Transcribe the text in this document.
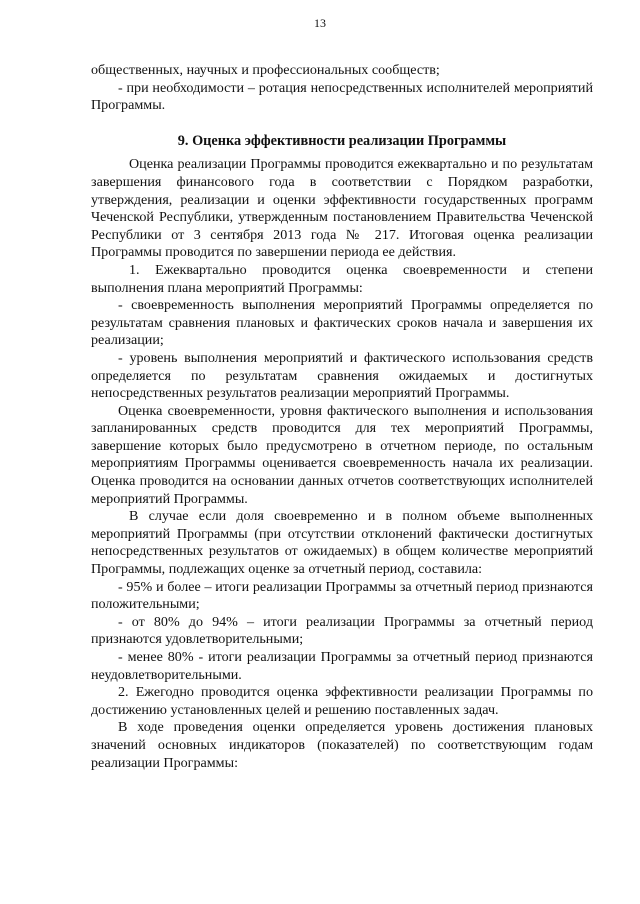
13

общественных, научных и профессиональных сообществ;

- при необходимости – ротация непосредственных исполнителей мероприятий Программы.

9. Оценка эффективности реализации Программы

Оценка реализации Программы проводится ежеквартально и по результатам завершения финансового года в соответствии с Порядком разработки, утверждения, реализации и оценки эффективности государственных программ Чеченской Республики, утвержденным постановлением Правительства Чеченской Республики от 3 сентября 2013 года № 217. Итоговая оценка реализации Программы проводится по завершении периода ее действия.

1. Ежеквартально проводится оценка своевременности и степени выполнения плана мероприятий Программы:

- своевременность выполнения мероприятий Программы определяется по результатам сравнения плановых и фактических сроков начала и завершения их реализации;

- уровень выполнения мероприятий и фактического использования средств определяется по результатам сравнения ожидаемых и достигнутых непосредственных результатов реализации мероприятий Программы.

Оценка своевременности, уровня фактического выполнения и использования запланированных средств проводится для тех мероприятий Программы, завершение которых было предусмотрено в отчетном периоде, по остальным мероприятиям Программы оценивается своевременность начала их реализации. Оценка проводится на основании данных отчетов соответствующих исполнителей мероприятий Программы.

В случае если доля своевременно и в полном объеме выполненных мероприятий Программы (при отсутствии отклонений фактически достигнутых непосредственных результатов от ожидаемых) в общем количестве мероприятий Программы, подлежащих оценке за отчетный период, составила:

- 95% и более – итоги реализации Программы за отчетный период признаются положительными;

- от 80% до 94% – итоги реализации Программы за отчетный период признаются удовлетворительными;

- менее 80% - итоги реализации Программы за отчетный период признаются неудовлетворительными.

2. Ежегодно проводится оценка эффективности реализации Программы по достижению установленных целей и решению поставленных задач.

В ходе проведения оценки определяется уровень достижения плановых значений основных индикаторов (показателей) по соответствующим годам реализации Программы:
